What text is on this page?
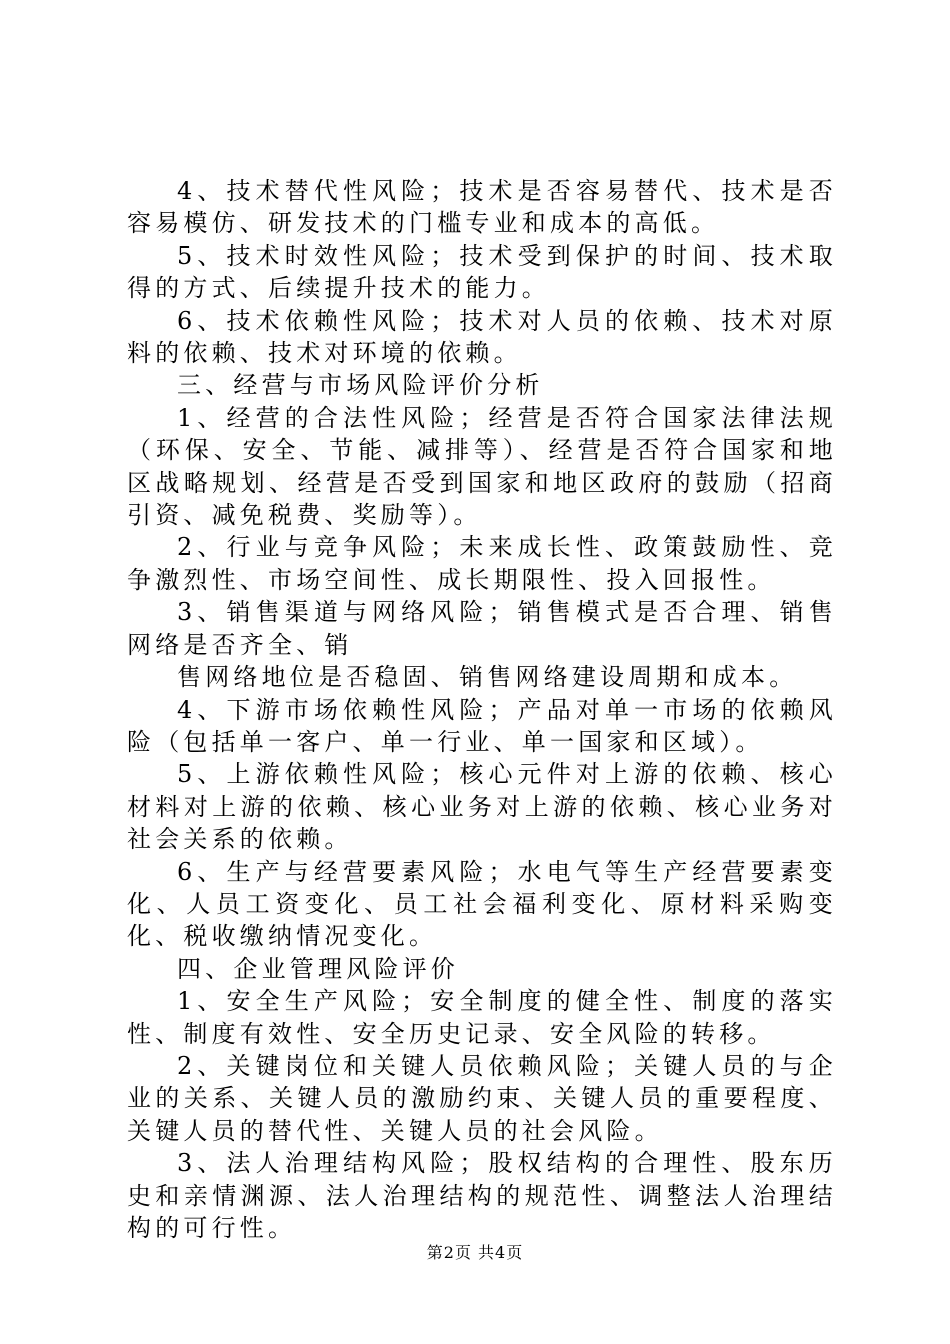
4、技术替代性风险；技术是否容易替代、技术是否容易模仿、研发技术的门槛专业和成本的高低。

5、技术时效性风险；技术受到保护的时间、技术取得的方式、后续提升技术的能力。

6、技术依赖性风险；技术对人员的依赖、技术对原料的依赖、技术对环境的依赖。

三、经营与市场风险评价分析

1、经营的合法性风险；经营是否符合国家法律法规（环保、安全、节能、减排等）、经营是否符合国家和地区战略规划、经营是否受到国家和地区政府的鼓励（招商引资、减免税费、奖励等）。

2、行业与竞争风险；未来成长性、政策鼓励性、竞争激烈性、市场空间性、成长期限性、投入回报性。

3、销售渠道与网络风险；销售模式是否合理、销售网络是否齐全、销

售网络地位是否稳固、销售网络建设周期和成本。

4、下游市场依赖性风险；产品对单一市场的依赖风险（包括单一客户、单一行业、单一国家和区域）。

5、上游依赖性风险；核心元件对上游的依赖、核心材料对上游的依赖、核心业务对上游的依赖、核心业务对社会关系的依赖。

6、生产与经营要素风险；水电气等生产经营要素变化、人员工资变化、员工社会福利变化、原材料采购变化、税收缴纳情况变化。

四、企业管理风险评价

1、安全生产风险；安全制度的健全性、制度的落实性、制度有效性、安全历史记录、安全风险的转移。

2、关键岗位和关键人员依赖风险；关键人员的与企业的关系、关键人员的激励约束、关键人员的重要程度、关键人员的替代性、关键人员的社会风险。

3、法人治理结构风险；股权结构的合理性、股东历史和亲情渊源、法人治理结构的规范性、调整法人治理结构的可行性。

第2页 共4页
